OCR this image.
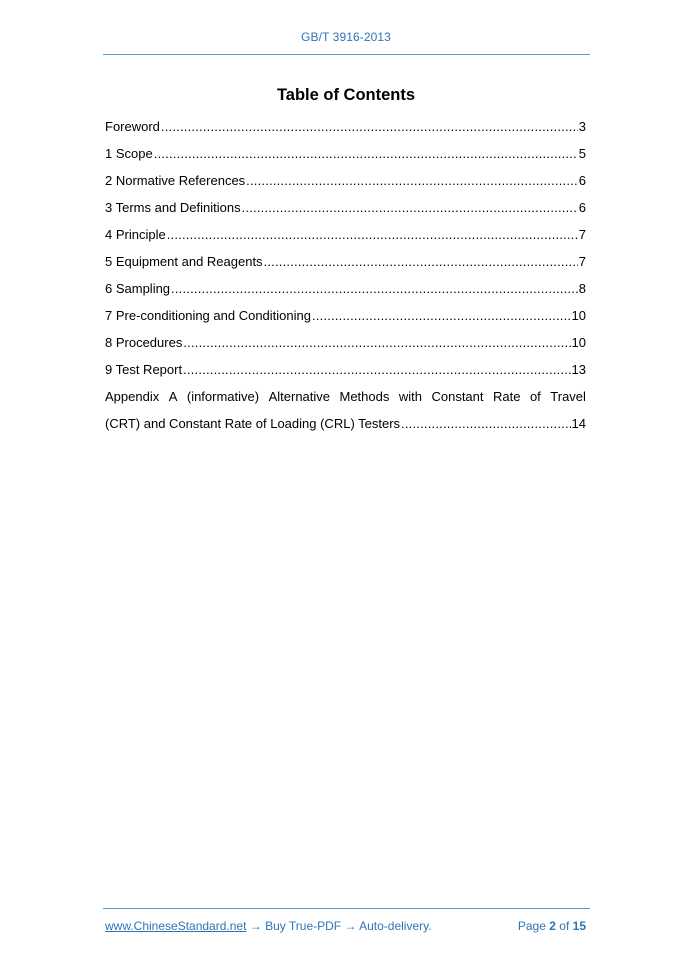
GB/T 3916-2013
Table of Contents
Foreword .....	3
1 Scope .....	5
2 Normative References .....	6
3 Terms and Definitions .....	6
4 Principle .....	7
5 Equipment and Reagents .....	7
6 Sampling .....	8
7 Pre-conditioning and Conditioning .....	10
8 Procedures .....	10
9 Test Report .....	13
Appendix A (informative) Alternative Methods with Constant Rate of Travel
(CRT) and Constant Rate of Loading (CRL) Testers .....	14
www.ChineseStandard.net → Buy True-PDF → Auto-delivery.	Page 2 of 15
